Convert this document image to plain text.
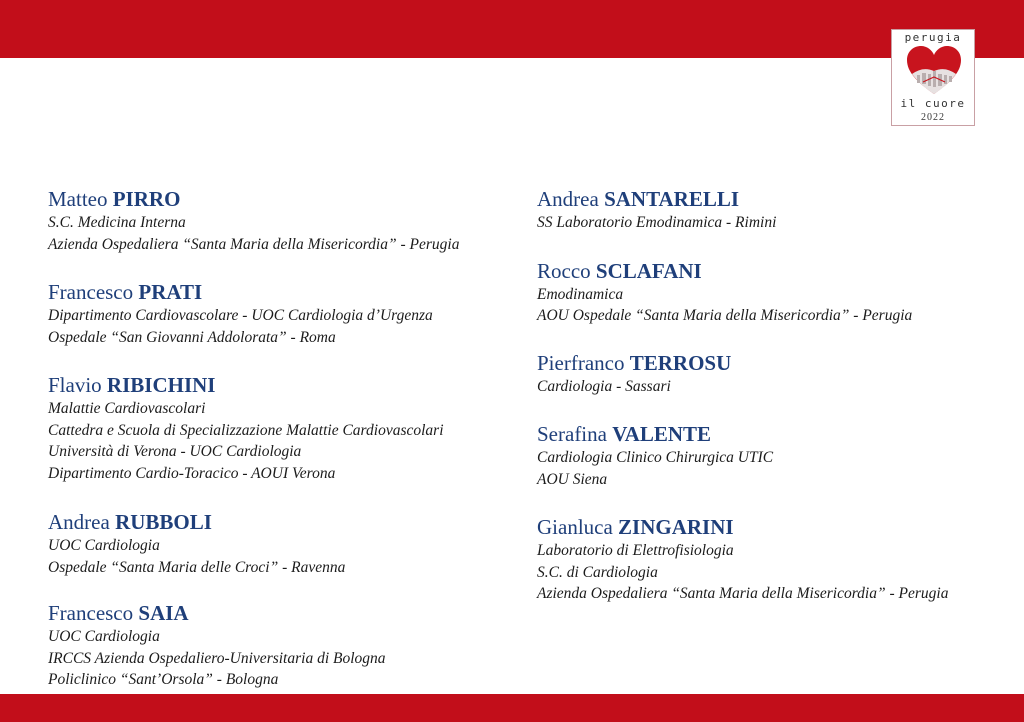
perugia
il cuore
2022
Matteo PIRRO
S.C. Medicina Interna
Azienda Ospedaliera “Santa Maria della Misericordia” - Perugia
Francesco PRATI
Dipartimento Cardiovascolare - UOC Cardiologia d’Urgenza
Ospedale “San Giovanni Addolorata” - Roma
Flavio RIBICHINI
Malattie Cardiovascolari
Cattedra e Scuola di Specializzazione Malattie Cardiovascolari
Università di Verona - UOC Cardiologia
Dipartimento Cardio-Toracico - AOUI Verona
Andrea RUBBOLI
UOC Cardiologia
Ospedale “Santa Maria delle Croci” - Ravenna
Francesco SAIA
UOC Cardiologia
IRCCS Azienda Ospedaliero-Universitaria di Bologna
Policlinico “Sant’Orsola” - Bologna
Andrea SANTARELLI
SS Laboratorio Emodinamica - Rimini
Rocco SCLAFANI
Emodinamica
AOU Ospedale “Santa Maria della Misericordia” - Perugia
Pierfranco TERROSU
Cardiologia - Sassari
Serafina VALENTE
Cardiologia Clinico Chirurgica UTIC
AOU Siena
Gianluca ZINGARINI
Laboratorio di Elettrofisiologia
S.C. di Cardiologia
Azienda Ospedaliera “Santa Maria della Misericordia” - Perugia
